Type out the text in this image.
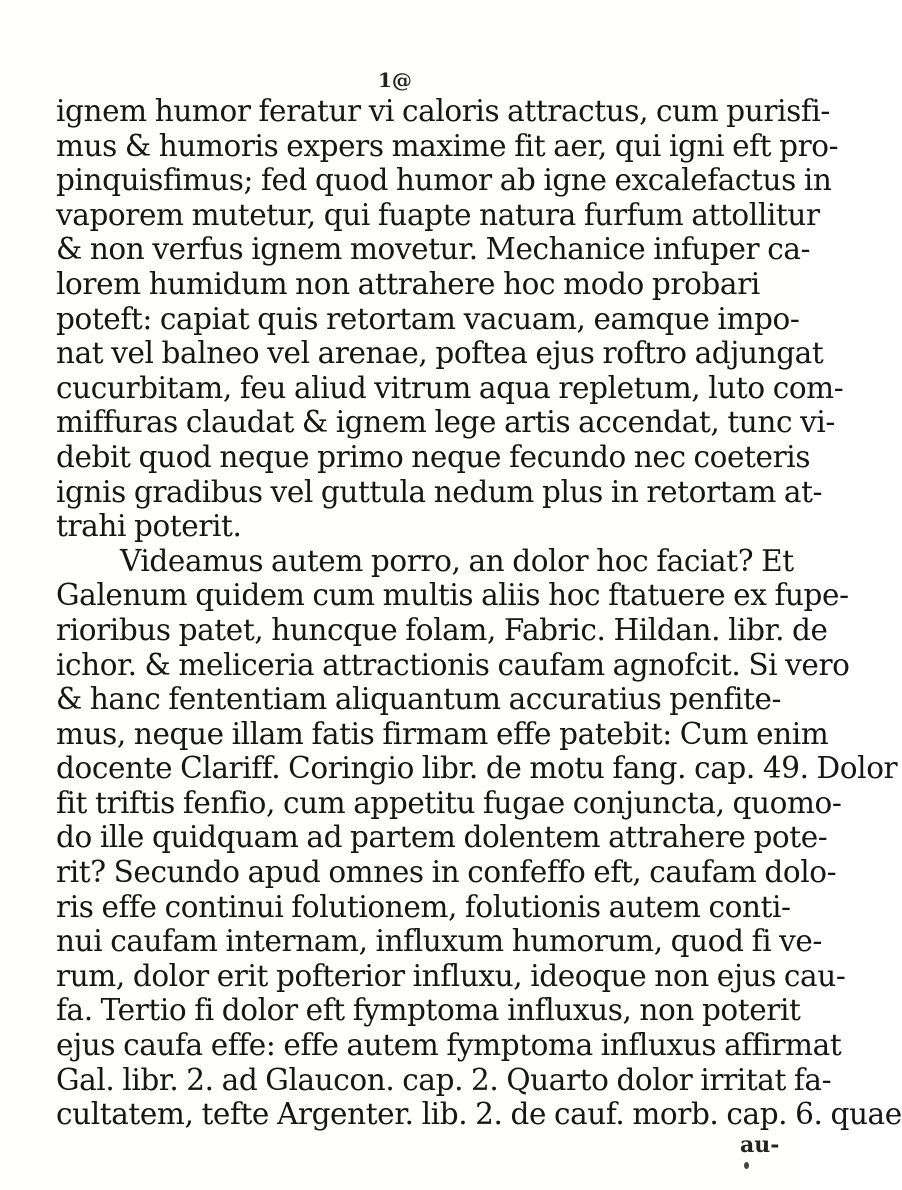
1@
ignem humor feratur vi caloris attractus, cum purisfi-
mus & humoris expers maxime fit aer, qui igni eft pro-
pinquisfimus; fed quod humor ab igne excalefactus in
vaporem mutetur, qui fuapte natura furfum attollitur
& non verfus ignem movetur. Mechanice infuper ca-
lorem humidum non attrahere hoc modo probari
poteft: capiat quis retortam vacuam, eamque impo-
nat vel balneo vel arenae, poftea ejus roftro adjungat
cucurbitam, feu aliud vitrum aqua repletum, luto com-
miffuras claudat & ignem lege artis accendat, tunc vi-
debit quod neque primo neque fecundo nec coeteris
ignis gradibus vel guttula nedum plus in retortam at-
trahi poterit.
Videamus autem porro, an dolor hoc faciat? Et
Galenum quidem cum multis aliis hoc ftatuere ex fupe-
rioribus patet, huncque folam, Fabric. Hildan. libr. de
ichor. & meliceria attractionis caufam agnofcit. Si vero
& hanc fententiam aliquantum accuratius penfite-
mus, neque illam fatis firmam effe patebit: Cum enim
docente Clariff. Coringio libr. de motu fang. cap. 49. Dolor
fit triftis fenfio, cum appetitu fugae conjuncta, quomo-
do ille quidquam ad partem dolentem attrahere pote-
rit? Secundo apud omnes in confeffo eft, caufam dolo-
ris effe continui folutionem, folutionis autem conti-
nui caufam internam, influxum humorum, quod fi ve-
rum, dolor erit pofterior influxu, ideoque non ejus cau-
fa. Tertio fi dolor eft fymptoma influxus, non poterit
ejus caufa effe: effe autem fymptoma influxus affirmat
Gal. libr. 2. ad Glaucon. cap. 2. Quarto dolor irritat fa-
cultatem, tefte Argenter. lib. 2. de cauf. morb. cap. 6. quae
au-
